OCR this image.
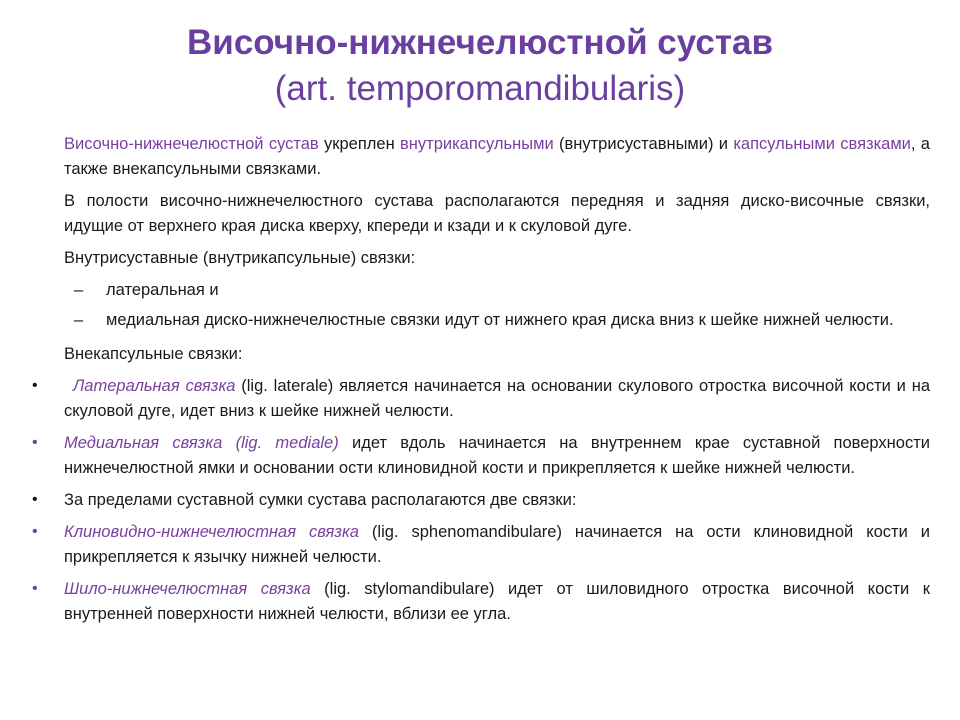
Височно-нижнечелюстной сустав
(art. temporomandibularis)

Височно-нижнечелюстной сустав укреплен внутрикапсульными (внутрисуставными) и капсульными связками, а также внекапсульными связками.

В полости височно-нижнечелюстного сустава располагаются передняя и задняя диско-височные связки, идущие от верхнего края диска кверху, кпереди и кзади и к скуловой дуге.

Внутрисуставные (внутрикапсульные) связки:

– латеральная и
– медиальная диско-нижнечелюстные связки идут от нижнего края диска вниз к шейке нижней челюсти.

Внекапсульные связки:

• Латеральная связка (lig. laterale) является начинается на основании скулового отростка височной кости и на скуловой дуге, идет вниз к шейке нижней челюсти.
• Медиальная связка (lig. mediale) идет вдоль начинается на внутреннем крае суставной поверхности нижнечелюстной ямки и основании ости клиновидной кости и прикрепляется к шейке нижней челюсти.
• За пределами суставной сумки сустава располагаются две связки:
• Клиновидно-нижнечелюстная связка (lig. sphenomandibulare) начинается на ости клиновидной кости и прикрепляется к язычку нижней челюсти.
• Шило-нижнечелюстная связка (lig. stylomandibulare) идет от шиловидного отростка височной кости к внутренней поверхности нижней челюсти, вблизи ее угла.
